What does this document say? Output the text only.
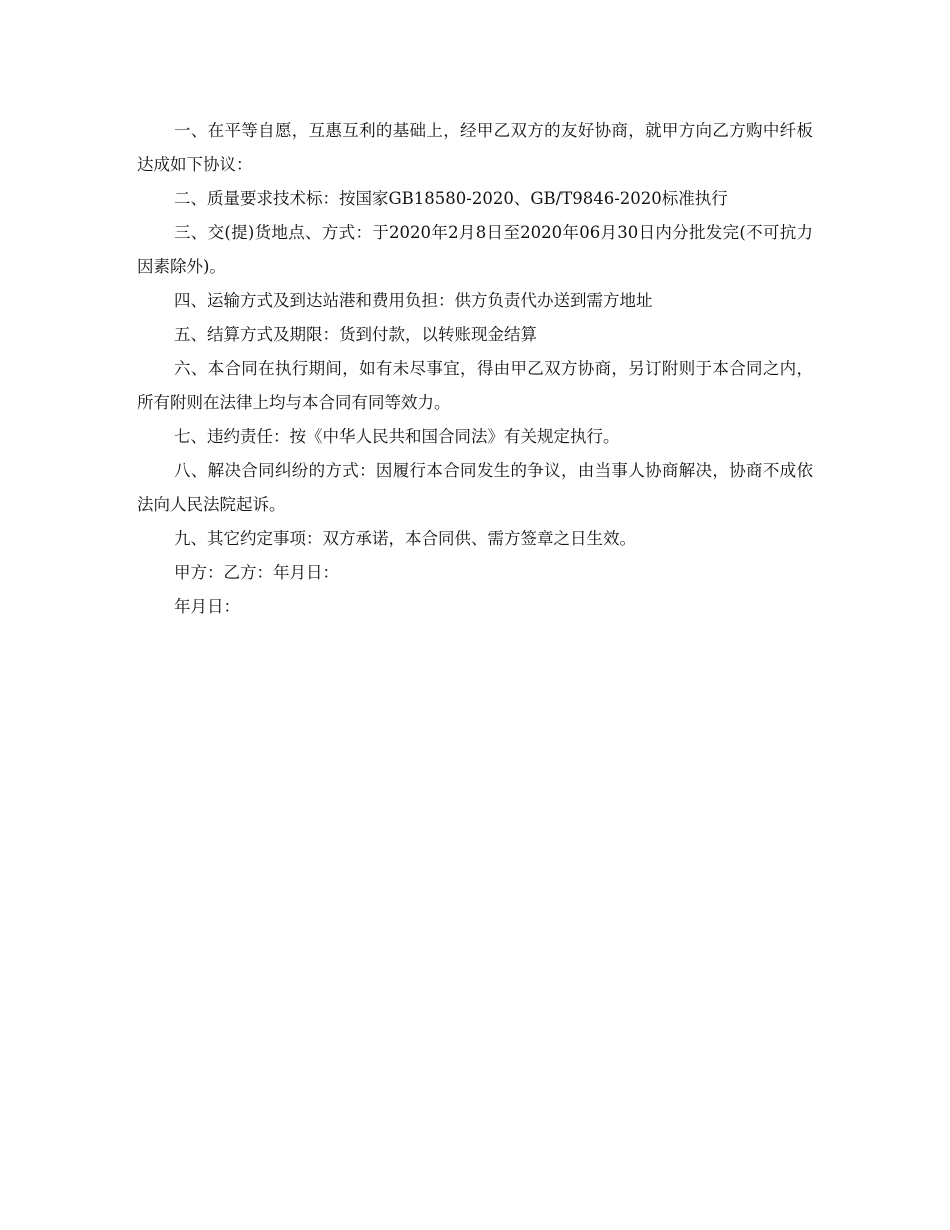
一、在平等自愿，互惠互利的基础上，经甲乙双方的友好协商，就甲方向乙方购中纤板 达成如下协议：

二、质量要求技术标：按国家GB18580-2020、GB/T9846-2020标准执行

三、交(提)货地点、方式：于2020年2月8日至2020年06月30日内分批发完(不可抗力因素除外)。

四、运输方式及到达站港和费用负担：供方负责代办送到需方地址

五、结算方式及期限：货到付款，以转账现金结算

六、本合同在执行期间，如有未尽事宜，得由甲乙双方协商，另订附则于本合同之内，所有附则在法律上均与本合同有同等效力。

七、违约责任：按《中华人民共和国合同法》有关规定执行。

八、解决合同纠纷的方式：因履行本合同发生的争议，由当事人协商解决，协商不成依法向人民法院起诉。

九、其它约定事项：双方承诺，本合同供、需方签章之日生效。

甲方：乙方：年月日：

年月日：
